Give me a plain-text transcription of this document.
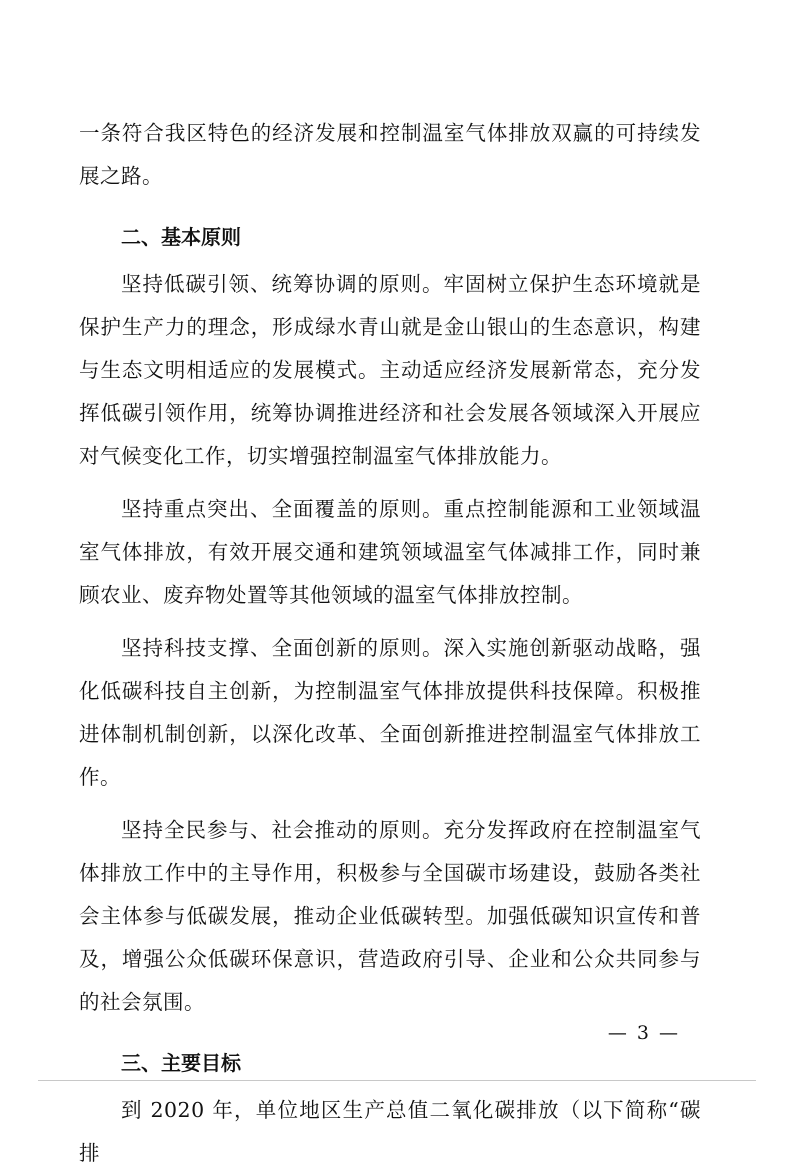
一条符合我区特色的经济发展和控制温室气体排放双赢的可持续发展之路。
二、基本原则
坚持低碳引领、统筹协调的原则。牢固树立保护生态环境就是保护生产力的理念，形成绿水青山就是金山银山的生态意识，构建与生态文明相适应的发展模式。主动适应经济发展新常态，充分发挥低碳引领作用，统筹协调推进经济和社会发展各领域深入开展应对气候变化工作，切实增强控制温室气体排放能力。
坚持重点突出、全面覆盖的原则。重点控制能源和工业领域温室气体排放，有效开展交通和建筑领域温室气体减排工作，同时兼顾农业、废弃物处置等其他领域的温室气体排放控制。
坚持科技支撑、全面创新的原则。深入实施创新驱动战略，强化低碳科技自主创新，为控制温室气体排放提供科技保障。积极推进体制机制创新，以深化改革、全面创新推进控制温室气体排放工作。
坚持全民参与、社会推动的原则。充分发挥政府在控制温室气体排放工作中的主导作用，积极参与全国碳市场建设，鼓励各类社会主体参与低碳发展，推动企业低碳转型。加强低碳知识宣传和普及，增强公众低碳环保意识，营造政府引导、企业和公众共同参与的社会氛围。
三、主要目标
到 2020 年，单位地区生产总值二氧化碳排放（以下简称“碳排
— 3 —
